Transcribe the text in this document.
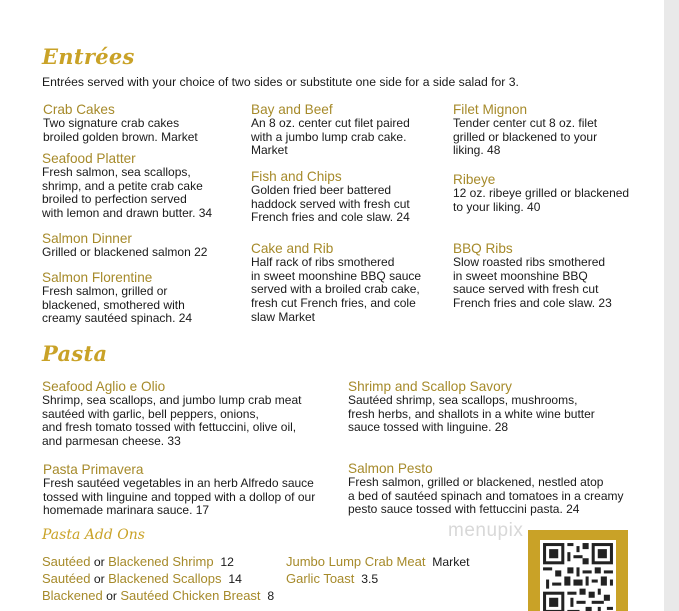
Entrées
Entrées served with your choice of two sides or substitute one side for a side salad for 3.
Crab Cakes
Two signature crab cakes
broiled golden brown. Market
Seafood Platter
Fresh salmon, sea scallops,
shrimp, and a petite crab cake
broiled to perfection served
with lemon and drawn butter. 34
Salmon Dinner
Grilled or blackened salmon 22
Salmon Florentine
Fresh salmon, grilled or
blackened, smothered with
creamy sautéed spinach. 24
Bay and Beef
An 8 oz. center cut filet paired
with a jumbo lump crab cake.
Market
Fish and Chips
Golden fried beer battered
haddock served with fresh cut
French fries and cole slaw. 24
Cake and Rib
Half rack of ribs smothered
in sweet moonshine BBQ sauce
served with a broiled crab cake,
fresh cut French fries, and cole
slaw Market
Filet Mignon
Tender center cut 8 oz. filet
grilled or blackened to your
liking. 48
Ribeye
12 oz. ribeye grilled or blackened
to your liking. 40
BBQ Ribs
Slow roasted ribs smothered
in sweet moonshine BBQ
sauce served with fresh cut
French fries and cole slaw. 23
Pasta
Seafood Aglio e Olio
Shrimp, sea scallops, and jumbo lump crab meat
sautéed with garlic, bell peppers, onions,
and fresh tomato tossed with fettuccini, olive oil,
and parmesan cheese. 33
Pasta Primavera
Fresh sautéed vegetables in an herb Alfredo sauce
tossed with linguine and topped with a dollop of our
homemade marinara sauce. 17
Shrimp and Scallop Savory
Sautéed shrimp, sea scallops, mushrooms,
fresh herbs, and shallots in a white wine butter
sauce tossed with linguine. 28
Salmon Pesto
Fresh salmon, grilled or blackened, nestled atop
a bed of sautéed spinach and tomatoes in a creamy
pesto sauce tossed with fettuccini pasta. 24
Pasta Add Ons
Sautéed or Blackened Shrimp 12
Sautéed or Blackened Scallops 14
Blackened or Sautéed Chicken Breast 8
Jumbo Lump Crab Meat Market
Garlic Toast 3.5
menupix
